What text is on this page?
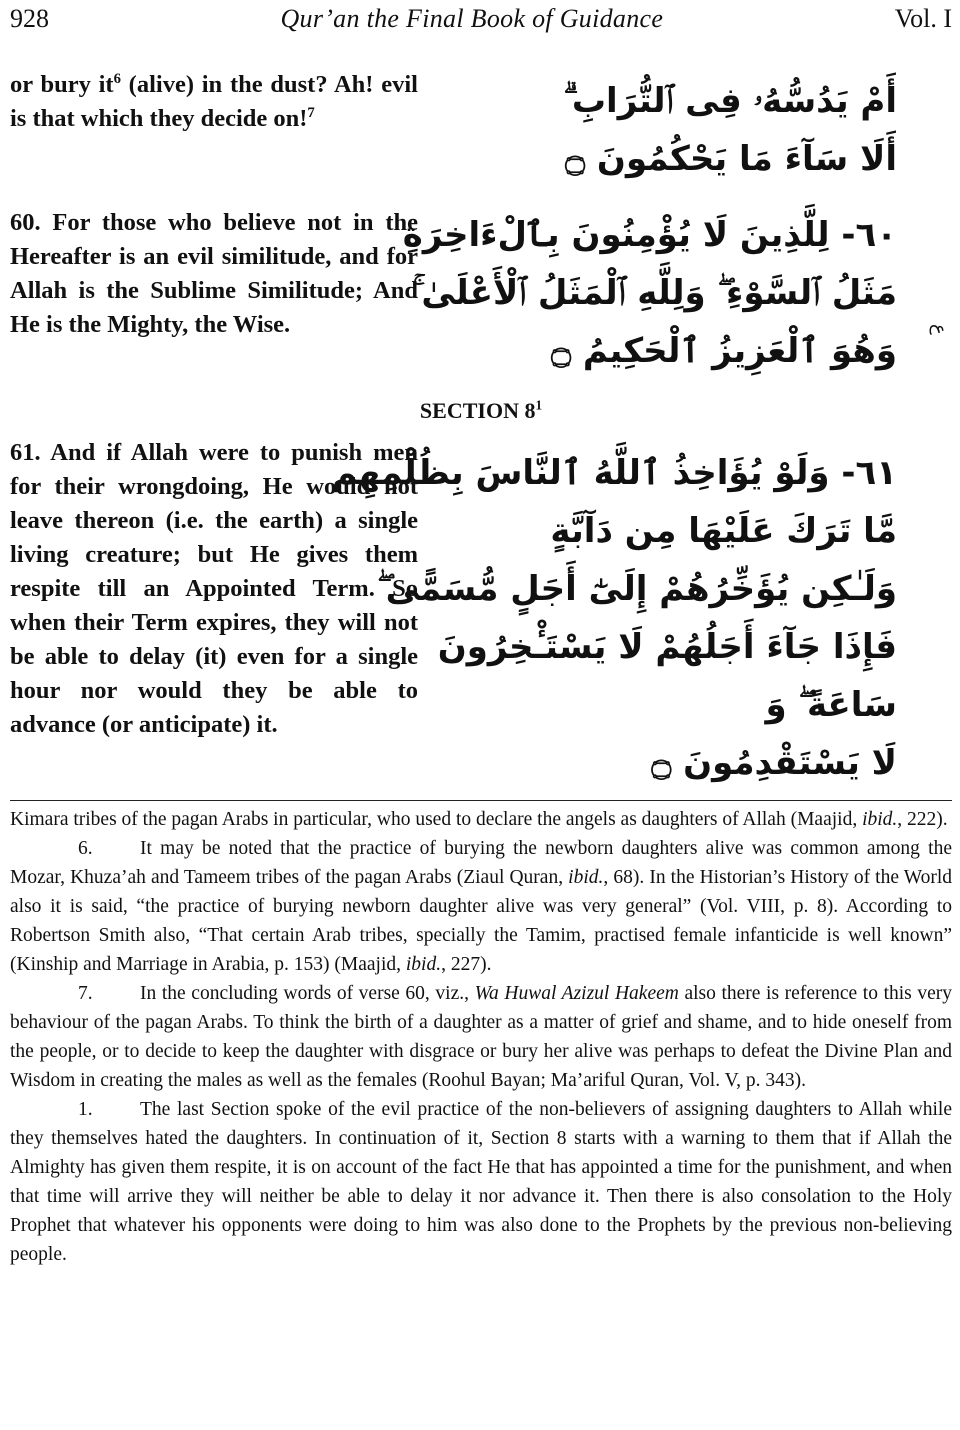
928	Qur’an the Final Book of Guidance	Vol. I

or bury $it^6$ (alive) in the dust? Ah! evil is that which they decide on!$^7$	أَمْ يَدُسُّهُۥ فِى ٱلتُّرَابِ ۗ
أَلَا سَآءَ مَا يَحْكُمُونَ ۝

60. For those who believe not in the Hereafter is an evil similitude, and for Allah is the Sublime Similitude; And He is the Mighty, the Wise.

٦٠- لِلَّذِينَ لَا يُؤْمِنُونَ بِٱلْءَاخِرَةِ
مَثَلُ ٱلسَّوْءِ ۖ وَلِلَّهِ ٱلْمَثَلُ ٱلْأَعْلَىٰ ۚ
وَهُوَ ٱلْعَزِيزُ ٱلْحَكِيمُ ۝
ع
SECTION $8^1$

61. And if Allah were to punish men for their wrongdoing, He would not leave thereon (i.e. the earth) a single living creature; but He gives them respite till an Appointed Term. So when their Term expires, they will not be able to delay (it) even for a single hour nor would they be able to advance (or anticipate) it.

٦١- وَلَوْ يُؤَاخِذُ ٱللَّهُ ٱلنَّاسَ بِظُلْمِهِم
مَّا تَرَكَ عَلَيْهَا مِن دَآبَّةٍ
وَلَـٰكِن يُؤَخِّرُهُمْ إِلَىٰٓ أَجَلٍ مُّسَمًّى ۖ
فَإِذَا جَآءَ أَجَلُهُمْ لَا يَسْتَـْٔخِرُونَ
سَاعَةً ۖ وَ
لَا يَسْتَقْدِمُونَ ۝

Kimara tribes of the pagan Arabs in particular, who used to declare the angels as daughters of Allah (Maajid, ibid., 222).

6. It may be noted that the practice of burying the newborn daughters alive was common among the Mozar, Khuza’ah and Tameem tribes of the pagan Arabs (Ziaul Quran, ibid., 68). In the Historian’s History of the World also it is said, “the practice of burying newborn daughter alive was very general” (Vol. VIII, p. 8). According to Robertson Smith also, “That certain Arab tribes, specially the Tamim, practised female infanticide is well known” (Kinship and Marriage in Arabia, p. 153) (Maajid, ibid., 227).

7. In the concluding words of verse 60, viz., Wa Huwal Azizul Hakeem also there is reference to this very behaviour of the pagan Arabs. To think the birth of a daughter as a matter of grief and shame, and to hide oneself from the people, or to decide to keep the daughter with disgrace or bury her alive was perhaps to defeat the Divine Plan and Wisdom in creating the males as well as the females (Roohul Bayan; Ma’ariful Quran, Vol. V, p. 343).

1. The last Section spoke of the evil practice of the non-believers of assigning daughters to Allah while they themselves hated the daughters. In continuation of it, Section 8 starts with a warning to them that if Allah the Almighty has given them respite, it is on account of the fact He that has appointed a time for the punishment, and when that time will arrive they will neither be able to delay it nor advance it. Then there is also consolation to the Holy Prophet that whatever his opponents were doing to him was also done to the Prophets by the previous non-believing people.
